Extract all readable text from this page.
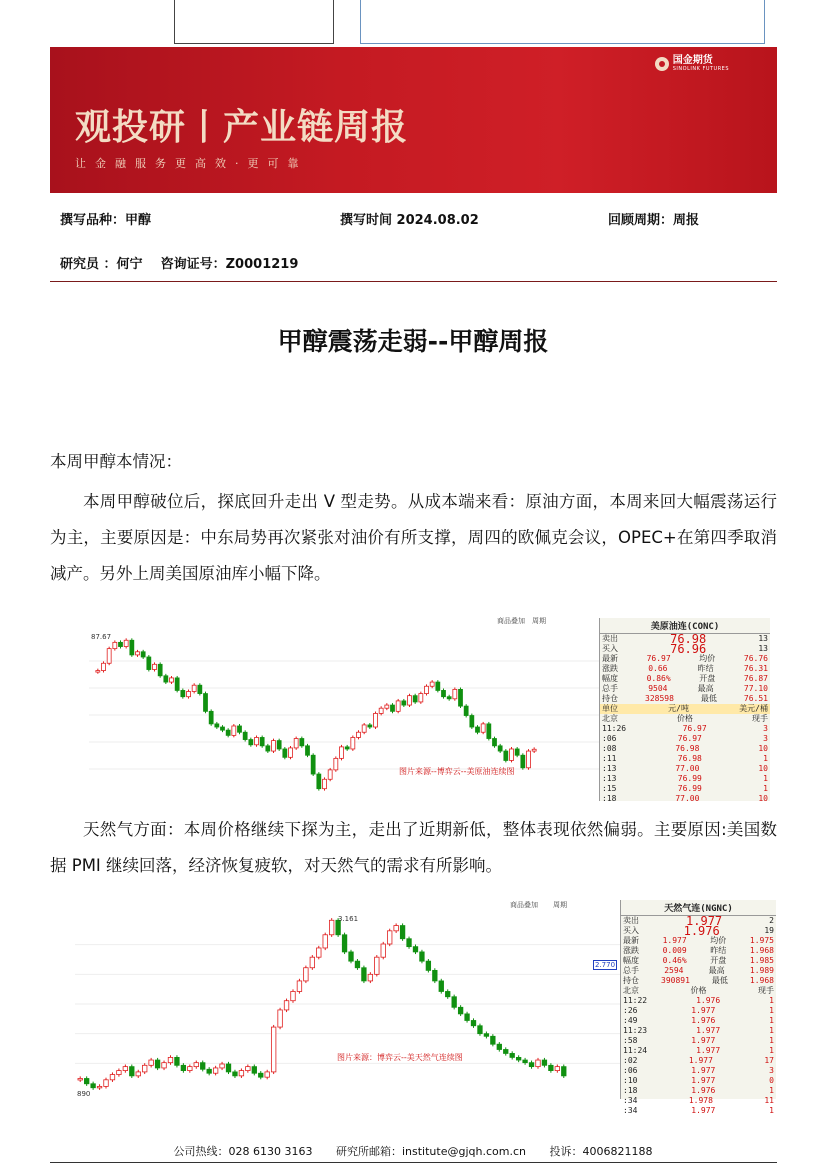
观投研丨产业链周报
让金融服务更高效·更可靠
国金期货
SINOLINK FUTURES
撰写品种：甲醇	撰写时间 2024.08.02	回顾周期：周报
研究员 ：何宁    咨询证号：Z0001219
甲醇震荡走弱--甲醇周报
本周甲醇本情况：
本周甲醇破位后，探底回升走出 V 型走势。从成本端来看：原油方面，本周来回大幅震荡运行为主，主要原因是：中东局势再次紧张对油价有所支撑，周四的欧佩克会议，OPEC+在第四季取消减产。另外上周美国原油库小幅下降。
商品叠加 周期
87.67
图片来源--博弈云--美原油连续图
美原油连(CONC)
卖出	76.98	13
买入	76.96	13
最新	76.97	均价	76.76
涨跌	0.66	昨结	76.31
幅度	0.86%	开盘	76.87
总手	9504	最高	77.10
持仓	328598	最低	76.51
单位	元/吨	美元/桶
北京	价格	现手
11:26	76.97	3
:06	76.97	3
:08	76.98	10
:11	76.98	1
:13	77.00	10
:13	76.99	1
:15	76.99	1
:18	77.00	10
天然气方面：本周价格继续下探为主，走出了近期新低，整体表现依然偏弱。主要原因:美国数据 PMI 继续回落，经济恢复疲软，对天然气的需求有所影响。
商品叠加 周期
3.161
890
2.770
图片来源：博弈云--美天然气连续图
天然气连(NGNC)
卖出	1.977	2
买入	1.976	19
最新	1.977	均价	1.975
涨跌	0.009	昨结	1.968
幅度	0.46%	开盘	1.985
总手	2594	最高	1.989
持仓	390891	最低	1.968
北京	价格	现手
11:22	1.976	1
:26	1.977	1
:49	1.976	1
11:23	1.977	1
:58	1.977	1
11:24	1.977	1
:02	1.977	17
:06	1.977	3
:10	1.977	0
:18	1.976	1
:34	1.978	11
:34	1.977	1
公司热线：028 6130 3163 研究所邮箱：institute@gjqh.com.cn 投诉：4006821188
